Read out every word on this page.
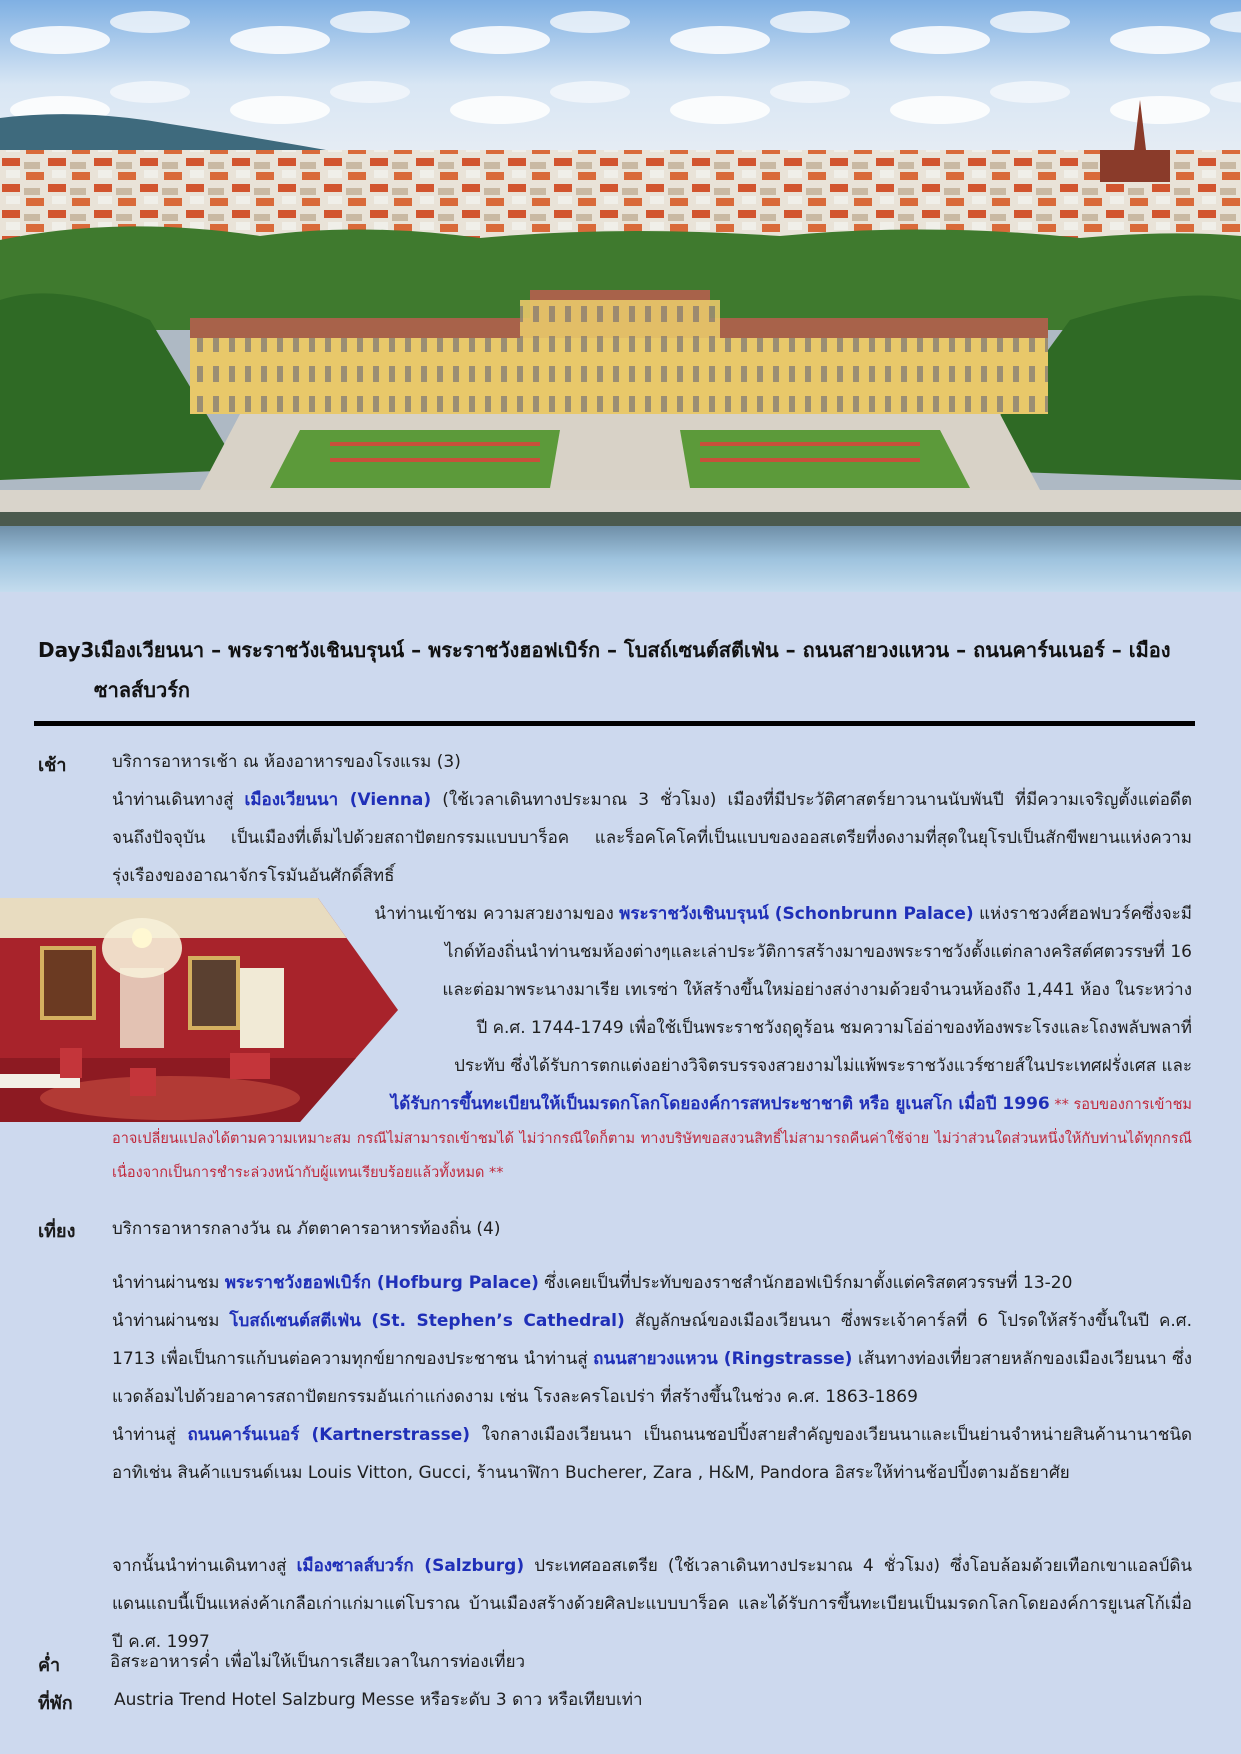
Day3 เมืองเวียนนา – พระราชวังเชินบรุนน์ – พระราชวังฮอฟเบิร์ก – โบสถ์เซนต์สตีเฟ่น – ถนนสายวงแหวน – ถนนคาร์นเนอร์ – เมืองซาลส์บวร์ก
เช้า	บริการอาหารเช้า ณ ห้องอาหารของโรงแรม (3)

นำท่านเดินทางสู่ เมืองเวียนนา (Vienna) (ใช้เวลาเดินทางประมาณ 3 ชั่วโมง) เมืองที่มีประวัติศาสตร์ยาวนานนับพันปี ที่มีความเจริญตั้งแต่อดีตจนถึงปัจจุบัน เป็นเมืองที่เต็มไปด้วยสถาปัตยกรรมแบบบาร็อค และร็อคโคโคที่เป็นแบบของออสเตรียที่งดงามที่สุดในยุโรปเป็นสักขีพยานแห่งความรุ่งเรืองของอาณาจักรโรมันอันศักดิ์สิทธิ์

นำท่านเข้าชม ความสวยงามของ พระราชวังเชินบรุนน์ (Schonbrunn Palace) แห่งราชวงศ์ฮอฟบวร์คซึ่งจะมี

ไกด์ท้องถิ่นนำท่านชมห้องต่างๆและเล่าประวัติการสร้างมาของพระราชวังตั้งแต่กลางคริสต์ศตวรรษที่ 16

และต่อมาพระนางมาเรีย เทเรซ่า ให้สร้างขึ้นใหม่อย่างสง่างามด้วยจำนวนห้องถึง 1,441 ห้อง ในระหว่าง

ปี ค.ศ. 1744-1749 เพื่อใช้เป็นพระราชวังฤดูร้อน ชมความโอ่อ่าของท้องพระโรงและโถงพลับพลาที่

ประทับ ซึ่งได้รับการตกแต่งอย่างวิจิตรบรรจงสวยงามไม่แพ้พระราชวังแวร์ซายส์ในประเทศฝรั่งเศส และ

ได้รับการขึ้นทะเบียนให้เป็นมรดกโลกโดยองค์การสหประชาชาติ หรือ ยูเนสโก เมื่อปี 1996 ** รอบของการเข้าชม

อาจเปลี่ยนแปลงได้ตามความเหมาะสม กรณีไม่สามารถเข้าชมได้ ไม่ว่ากรณีใดก็ตาม ทางบริษัทขอสงวนสิทธิ์ไม่สามารถคืนค่าใช้จ่าย ไม่ว่าส่วนใดส่วนหนึ่งให้กับท่านได้ทุกกรณี เนื่องจากเป็นการชำระล่วงหน้ากับผู้แทนเรียบร้อยแล้วทั้งหมด **

เที่ยง บริการอาหารกลางวัน ณ ภัตตาคารอาหารท้องถิ่น (4)

นำท่านผ่านชม พระราชวังฮอฟเบิร์ก (Hofburg Palace) ซึ่งเคยเป็นที่ประทับของราชสำนักฮอฟเบิร์กมาตั้งแต่คริสตศวรรษที่ 13-20

นำท่านผ่านชม โบสถ์เซนต์สตีเฟ่น (St. Stephen’s Cathedral) สัญลักษณ์ของเมืองเวียนนา ซึ่งพระเจ้าคาร์ลที่ 6 โปรดให้สร้างขึ้นในปี ค.ศ. 1713 เพื่อเป็นการแก้บนต่อความทุกข์ยากของประชาชน นำท่านสู่ ถนนสายวงแหวน (Ringstrasse) เส้นทางท่องเที่ยวสายหลักของเมืองเวียนนา ซึ่งแวดล้อมไปด้วยอาคารสถาปัตยกรรมอันเก่าแก่งดงาม เช่น โรงละครโอเปร่า ที่สร้างขึ้นในช่วง ค.ศ. 1863-1869

นำท่านสู่ ถนนคาร์นเนอร์ (Kartnerstrasse) ใจกลางเมืองเวียนนา เป็นถนนชอปปิ้งสายสำคัญของเวียนนาและเป็นย่านจำหน่ายสินค้านานาชนิด อาทิเช่น สินค้าแบรนด์เนม Louis Vitton, Gucci, ร้านนาฬิกา Bucherer, Zara , H&M, Pandora อิสระให้ท่านช้อปปิ้งตามอัธยาศัย

จากนั้นนำท่านเดินทางสู่ เมืองซาลส์บวร์ก (Salzburg) ประเทศออสเตรีย (ใช้เวลาเดินทางประมาณ 4 ชั่วโมง) ซึ่งโอบล้อมด้วยเทือกเขาแอลป์ดินแดนแถบนี้เป็นแหล่งค้าเกลือเก่าแก่มาแต่โบราณ บ้านเมืองสร้างด้วยศิลปะแบบบาร็อค และได้รับการขึ้นทะเบียนเป็นมรดกโลกโดยองค์การยูเนสโก้เมื่อปี ค.ศ. 1997

ค่ำ	อิสระอาหารค่ำ เพื่อไม่ให้เป็นการเสียเวลาในการท่องเที่ยว
ที่พัก Austria Trend Hotel Salzburg Messe หรือระดับ 3 ดาว หรือเทียบเท่า
